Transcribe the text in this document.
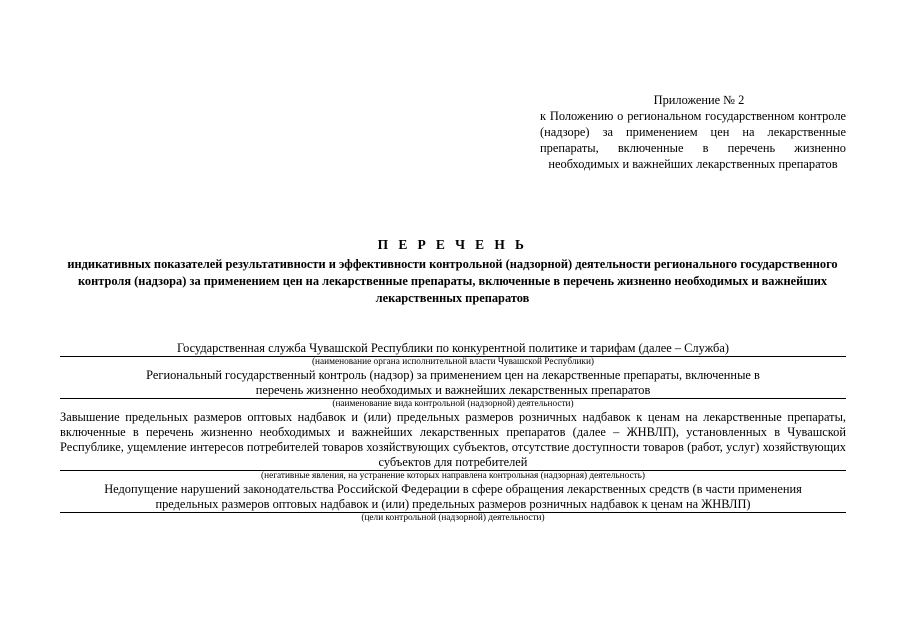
Приложение № 2
к Положению о региональном государственном контроле (надзоре) за применением цен на лекарственные препараты, включенные в перечень жизненно необходимых и важнейших лекарственных препаратов
П Е Р Е Ч Е Н Ь
индикативных показателей результативности и эффективности контрольной (надзорной) деятельности регионального государственного контроля (надзора) за применением цен на лекарственные препараты, включенные в перечень жизненно необходимых и важнейших лекарственных препаратов
Государственная служба Чувашской Республики по конкурентной политике и тарифам (далее – Служба)
(наименование органа исполнительной власти Чувашской Республики)
Региональный государственный контроль (надзор) за применением цен на лекарственные препараты, включенные в перечень жизненно необходимых и важнейших лекарственных препаратов
(наименование вида контрольной (надзорной) деятельности)
Завышение предельных размеров оптовых надбавок и (или) предельных размеров розничных надбавок к ценам на лекарственные препараты, включенные в перечень жизненно необходимых и важнейших лекарственных препаратов (далее – ЖНВЛП), установленных в Чувашской Республике, ущемление интересов потребителей товаров хозяйствующих субъектов, отсутствие доступности товаров (работ, услуг) хозяйствующих субъектов для потребителей
(негативные явления, на устранение которых направлена контрольная (надзорная) деятельность)
Недопущение нарушений законодательства Российской Федерации в сфере обращения лекарственных средств (в части применения предельных размеров оптовых надбавок и (или) предельных размеров розничных надбавок к ценам на ЖНВЛП)
(цели контрольной (надзорной) деятельности)
